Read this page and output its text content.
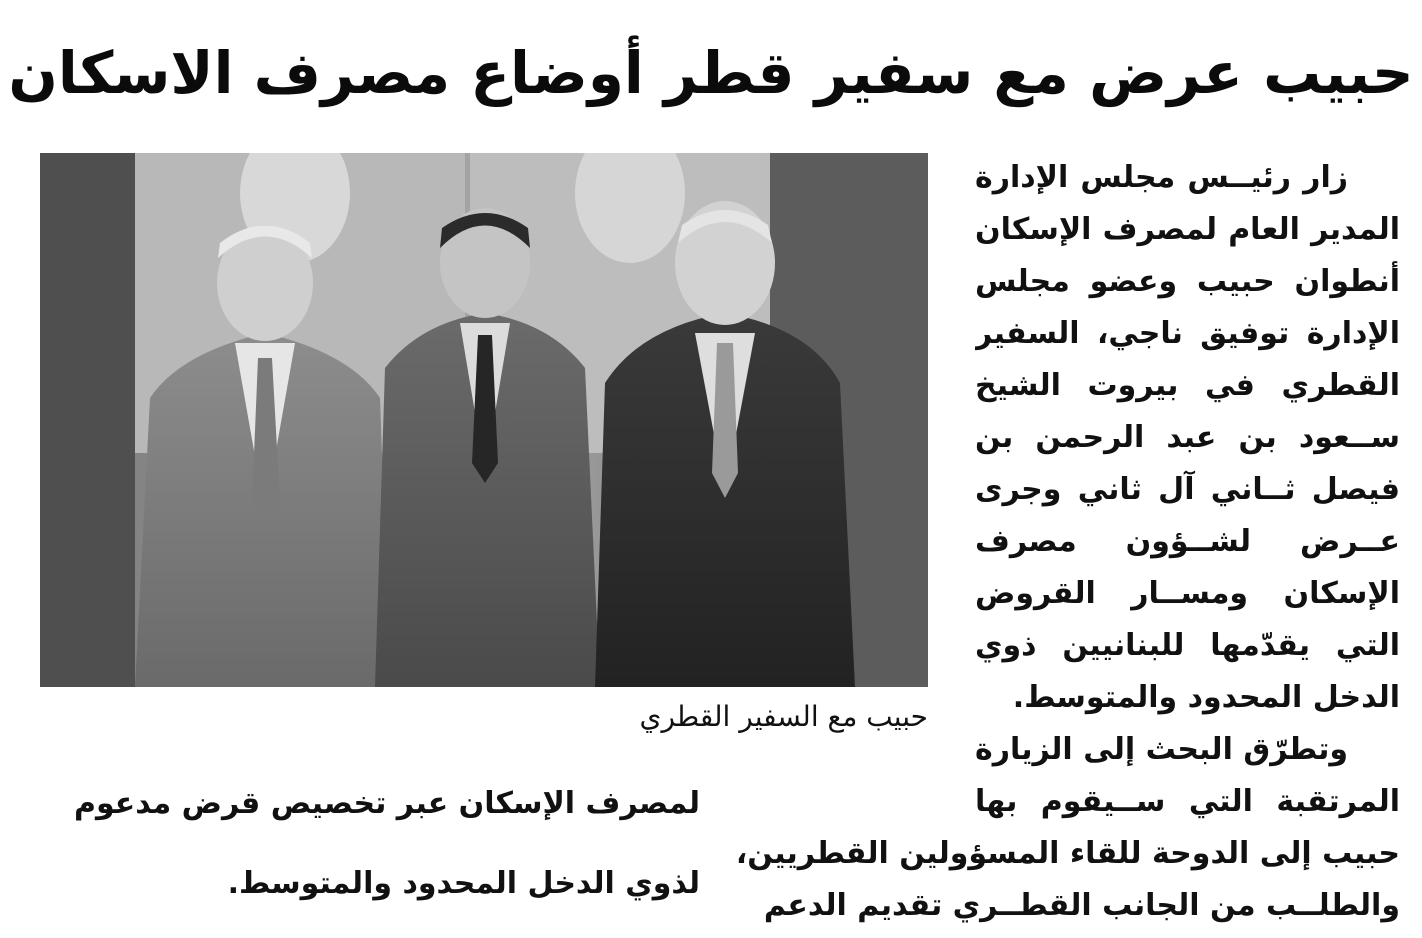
حبيب عرض مع سفير قطر أوضاع مصرف الاسكان
حبيب مع السفير القطري
زار رئيــس مجلس الإدارة
المدير العام لمصرف الإسكان
أنطوان حبيب وعضو مجلس
الإدارة توفيق ناجي، السفير
القطري في بيروت الشيخ
ســعود بن عبد الرحمن بن
فيصل ثــاني آل ثاني وجرى
عــرض لشــؤون مصرف
الإسكان ومســار القروض
التي يقدّمها للبنانيين ذوي
الدخل المحدود والمتوسط.
وتطرّق البحث إلى الزيارة
المرتقبة التي ســيقوم بها
حبيب إلى الدوحة للقاء المسؤولين القطريين،
والطلــب من الجانب القطــري تقديم الدعم
لمصرف الإسكان عبر تخصيص قرض مدعوم
لذوي الدخل المحدود والمتوسط.
